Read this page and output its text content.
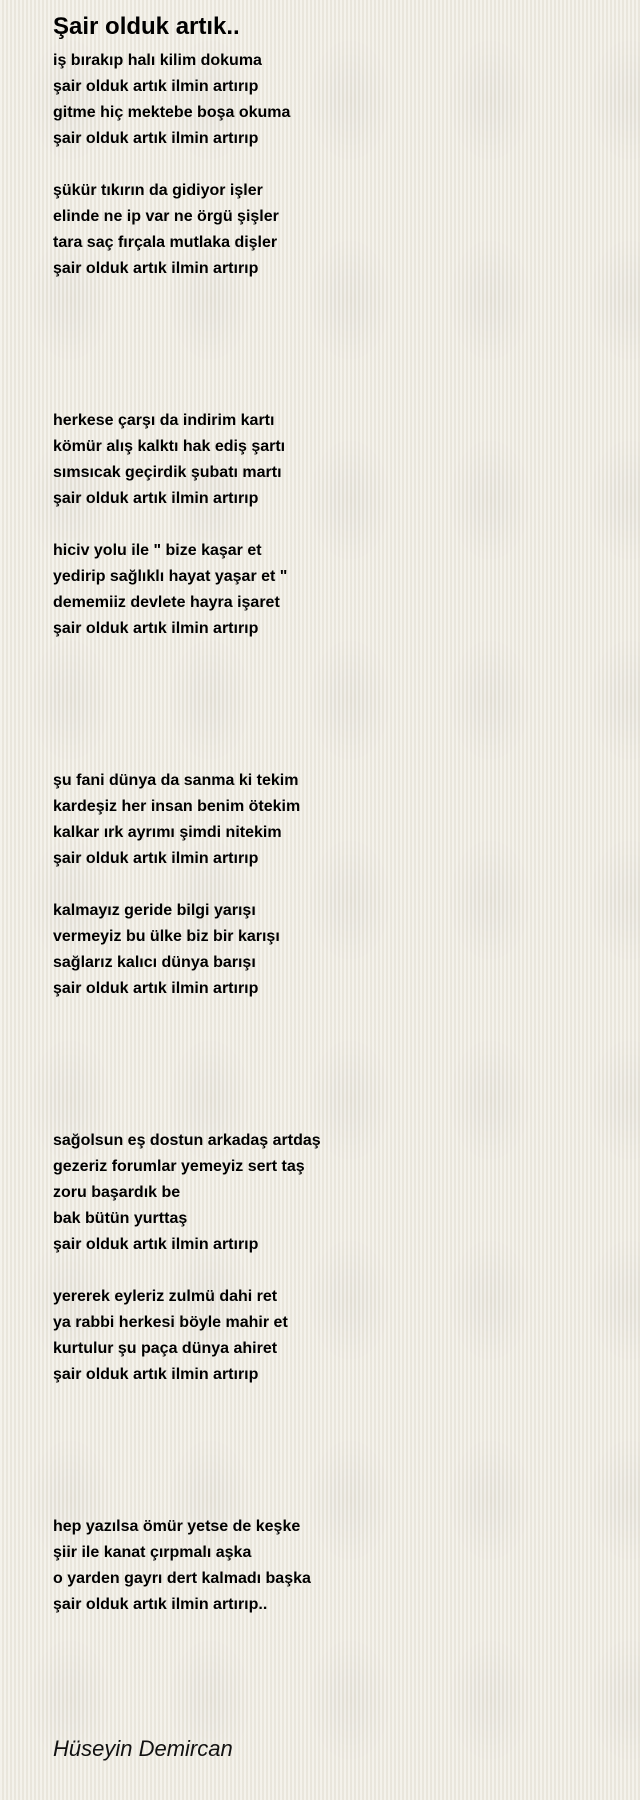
Şair olduk artık..
iş bırakıp halı kilim dokuma
şair olduk artık ilmin artırıp
gitme hiç mektebe boşa okuma
şair olduk artık ilmin artırıp
şükür tıkırın da gidiyor işler
elinde ne ip var ne örgü şişler
tara saç fırçala mutlaka dişler
şair olduk artık ilmin artırıp
herkese çarşı da indirim kartı
kömür alış kalktı hak ediş şartı
sımsıcak geçirdik şubatı martı
şair olduk artık ilmin artırıp
hiciv yolu ile " bize kaşar et
yedirip sağlıklı hayat yaşar et "
dememiiz devlete hayra işaret
şair olduk artık ilmin artırıp
şu fani dünya da sanma ki tekim
kardeşiz her insan benim ötekim
kalkar ırk ayrımı şimdi nitekim
şair olduk artık ilmin artırıp
kalmayız geride bilgi yarışı
vermeyiz bu ülke biz bir karışı
sağlarız kalıcı dünya barışı
şair olduk artık ilmin artırıp
sağolsun eş dostun arkadaş artdaş
gezeriz forumlar yemeyiz sert taş
zoru başardık be
bak bütün yurttaş
şair olduk artık ilmin artırıp
yererek eyleriz zulmü dahi ret
ya rabbi herkesi böyle mahir et
kurtulur şu paça dünya ahiret
şair olduk artık ilmin artırıp
hep yazılsa ömür yetse de keşke
şiir ile kanat çırpmalı aşka
o yarden gayrı dert kalmadı başka
şair olduk artık ilmin artırıp..
Hüseyin Demircan
